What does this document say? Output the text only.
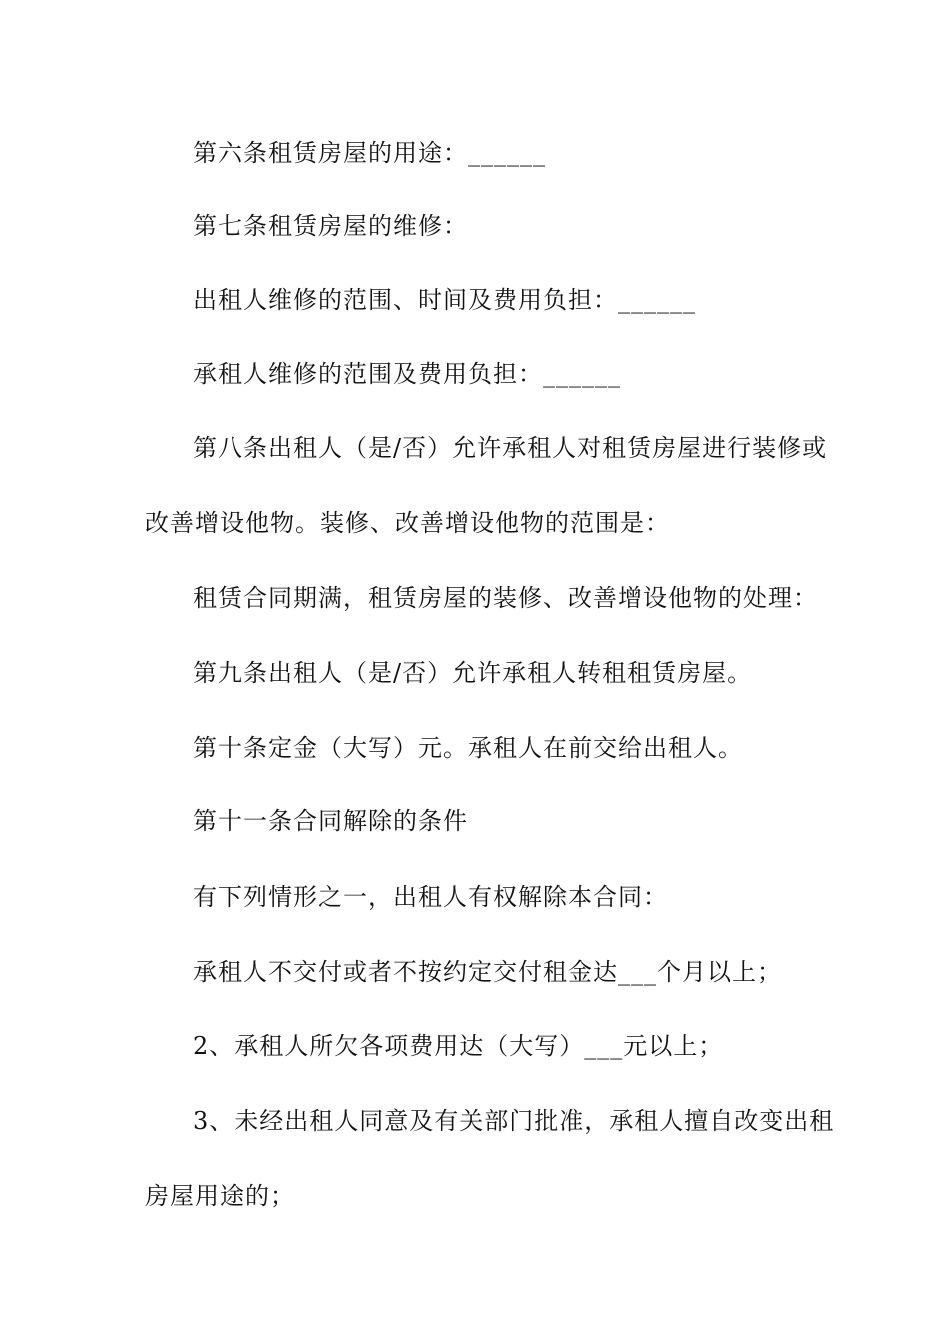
第六条租赁房屋的用途：______

第七条租赁房屋的维修：

出租人维修的范围、时间及费用负担：______

承租人维修的范围及费用负担：______

第八条出租人（是/否）允许承租人对租赁房屋进行装修或

改善增设他物。装修、改善增设他物的范围是：

租赁合同期满，租赁房屋的装修、改善增设他物的处理：

第九条出租人（是/否）允许承租人转租租赁房屋。

第十条定金（大写）元。承租人在前交给出租人。

第十一条合同解除的条件

有下列情形之一，出租人有权解除本合同：

承租人不交付或者不按约定交付租金达___个月以上；

2、承租人所欠各项费用达（大写）___元以上；

3、未经出租人同意及有关部门批准，承租人擅自改变出租

房屋用途的；
